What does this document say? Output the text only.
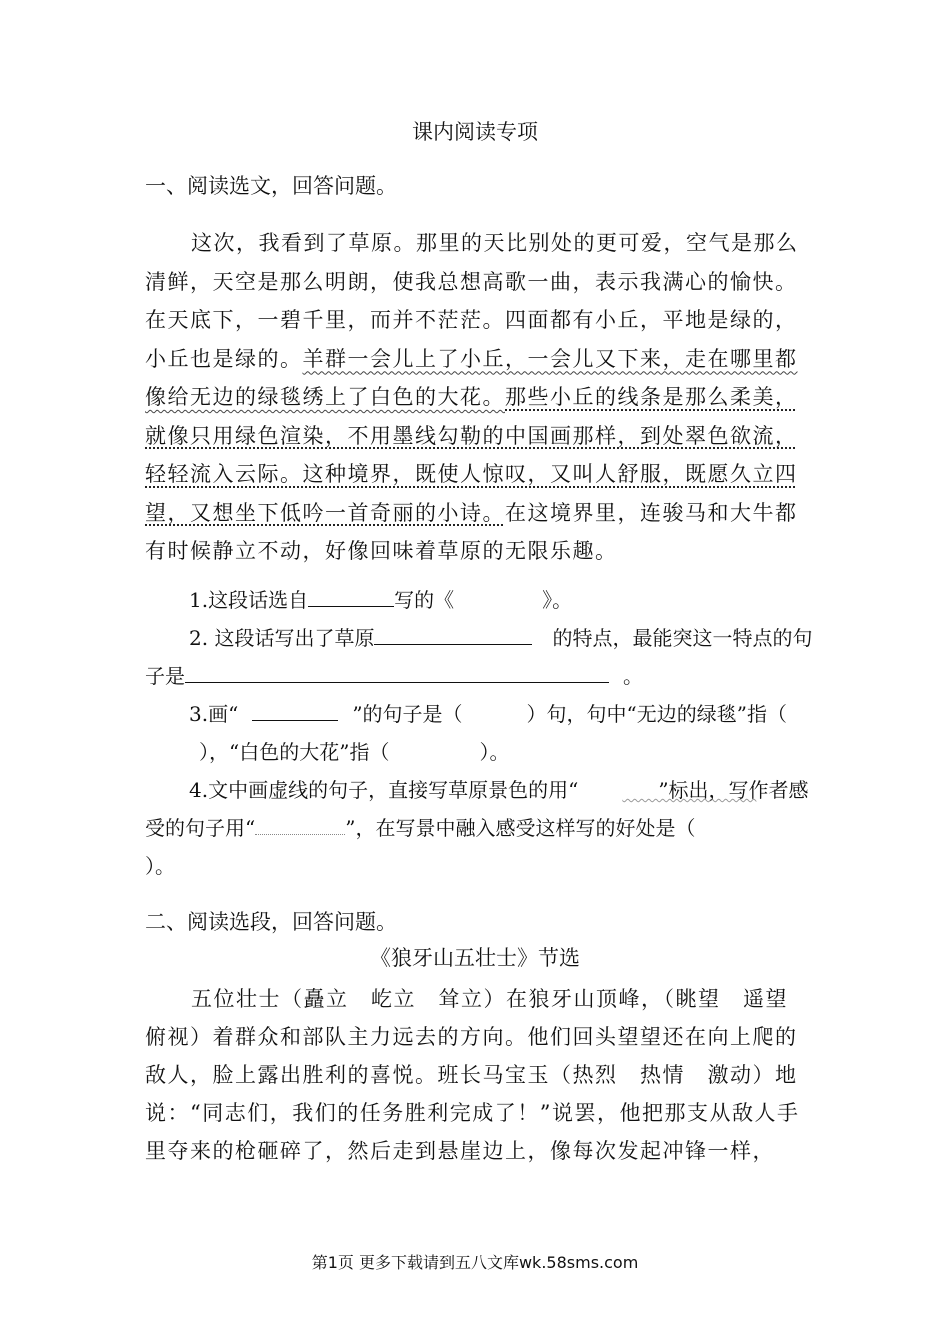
课内阅读专项
一、阅读选文，回答问题。
这次，我看到了草原。那里的天比别处的更可爱，空气是那么清鲜，天空是那么明朗，使我总想高歌一曲，表示我满心的愉快。在天底下，一碧千里，而并不茫茫。四面都有小丘，平地是绿的，小丘也是绿的。羊群一会儿上了小丘，一会儿又下来，走在哪里都像给无边的绿毯绣上了白色的大花。那些小丘的线条是那么柔美，就像只用绿色渲染，不用墨线勾勒的中国画那样，到处翠色欲流，轻轻流入云际。这种境界，既使人惊叹，又叫人舒服，既愿久立四望，又想坐下低吟一首奇丽的小诗。在这境界里，连骏马和大牛都有时候静立不动，好像回味着草原的无限乐趣。

1.这段话选自	写的《	》。

2. 这段话写出了草原	的特点，最能突这一特点的句子是	。

3.画“	”的句子是（	）句，句中“无边的绿毯”指（），“白色的大花”指（	）。

4.文中画虚线的句子，直接写草原景色的用“	”标出，写作者感受的句子用“	”，在写景中融入感受这样写的好处是（）。

二、阅读选段，回答问题。
《狼牙山五壮士》节选
五位壮士（矗立　屹立　耸立）在狼牙山顶峰，（眺望　遥望　俯视）着群众和部队主力远去的方向。他们回头望望还在向上爬的敌人，脸上露出胜利的喜悦。班长马宝玉（热烈　热情　激动）地说：“同志们，我们的任务胜利完成了！”说罢，他把那支从敌人手里夺来的枪砸碎了，然后走到悬崖边上，像每次发起冲锋一样，
第1页 更多下载请到五八文库wk.58sms.com
